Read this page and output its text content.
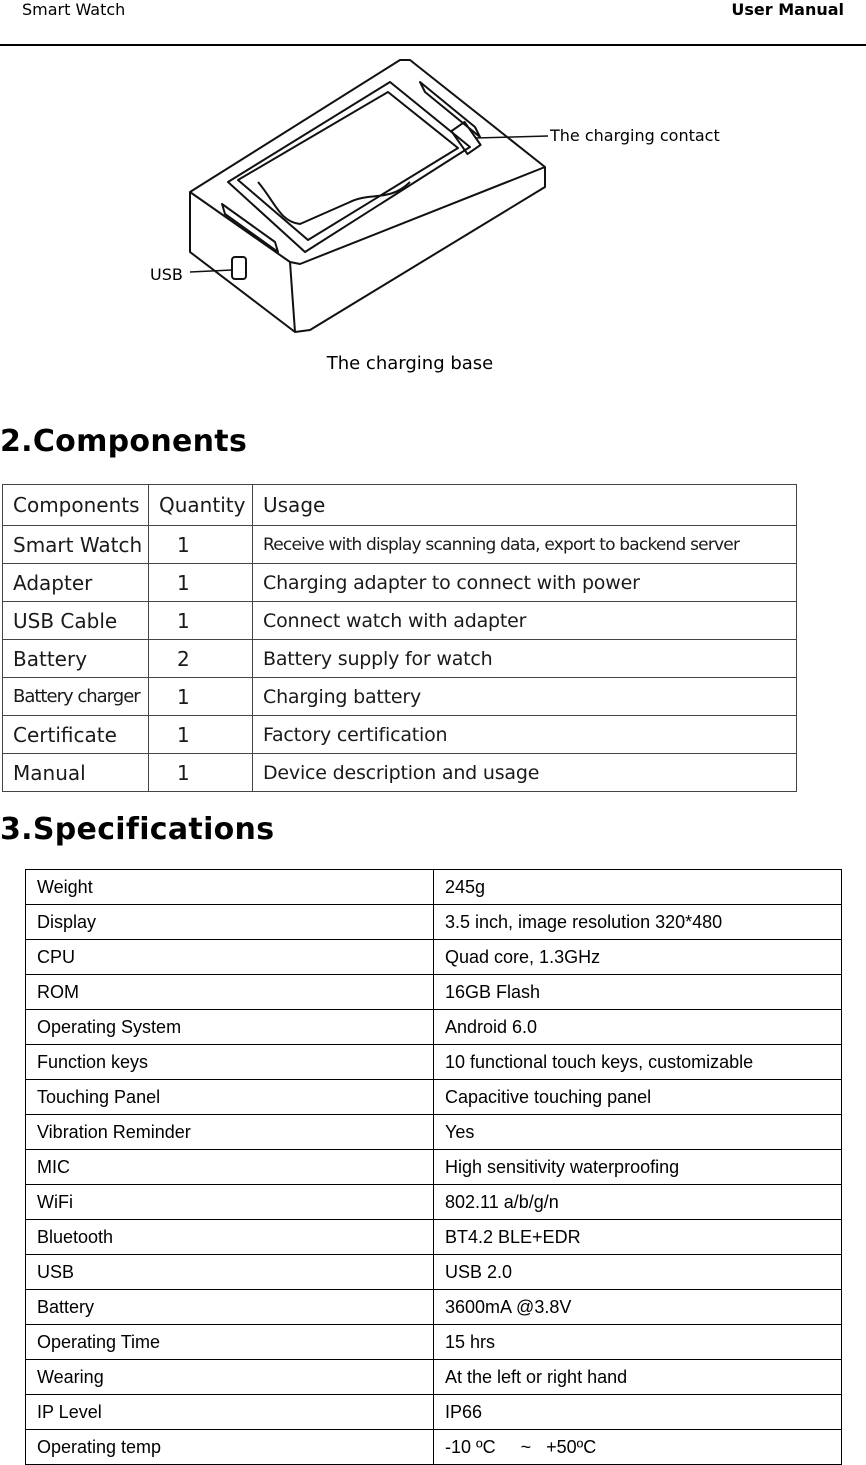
Smart Watch	User Manual
The charging contact
USB
The charging base
2.Components
Components	Quantity	Usage
Smart Watch	1	Receive with display scanning data, export to backend server
Adapter	1	Charging adapter to connect with power
USB Cable	1	Connect watch with adapter
Battery	2	Battery supply for watch
Battery charger	1	Charging battery
Certificate	1	Factory certification
Manual	1	Device description and usage
3.Specifications
Weight	245g
Display	3.5 inch, image resolution 320*480
CPU	Quad core, 1.3GHz
ROM	16GB Flash
Operating System	Android 6.0
Function keys	10 functional touch keys, customizable
Touching Panel	Capacitive touching panel
Vibration Reminder	Yes
MIC	High sensitivity waterproofing
WiFi	802.11 a/b/g/n
Bluetooth	BT4.2 BLE+EDR
USB	USB 2.0
Battery	3600mA @3.8V
Operating Time	15 hrs
Wearing	At the left or right hand
IP Level	IP66
Operating temp	-10 ºC     ~   +50ºC
